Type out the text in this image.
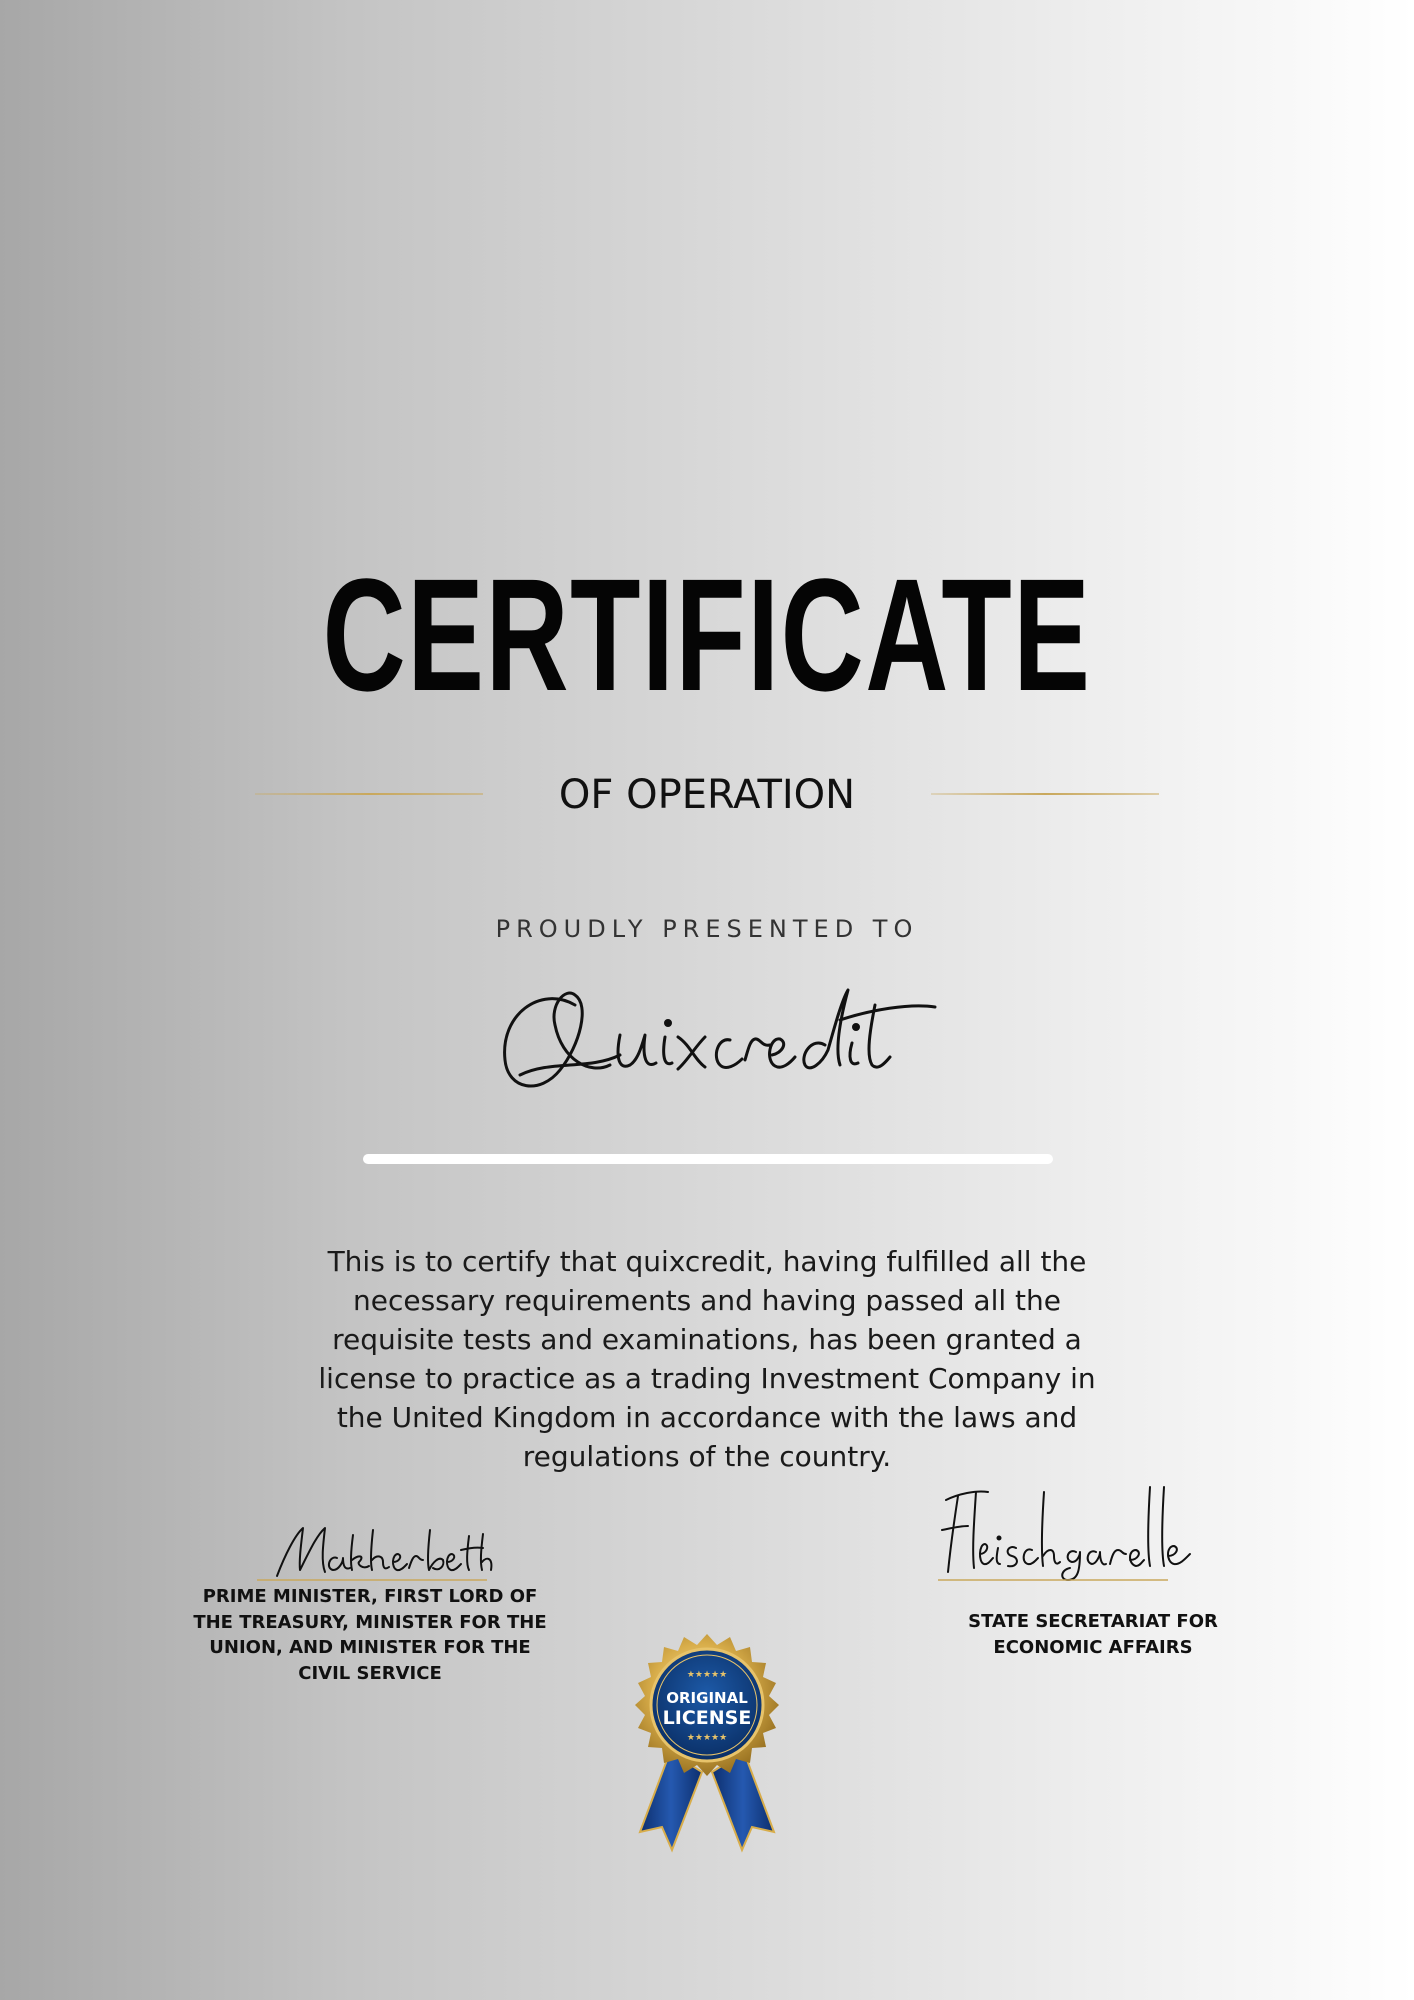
CERTIFICATE
OF OPERATION
PROUDLY PRESENTED TO
This is to certify that quixcredit, having fulfilled all the necessary requirements and having passed all the requisite tests and examinations, has been granted a license to practice as a trading Investment Company in the United Kingdom in accordance with the laws and regulations of the country.
PRIME MINISTER, FIRST LORD OF THE TREASURY, MINISTER FOR THE UNION, AND MINISTER FOR THE CIVIL SERVICE
STATE SECRETARIAT FOR ECONOMIC AFFAIRS
★★★★★
ORIGINAL
LICENSE
★★★★★
